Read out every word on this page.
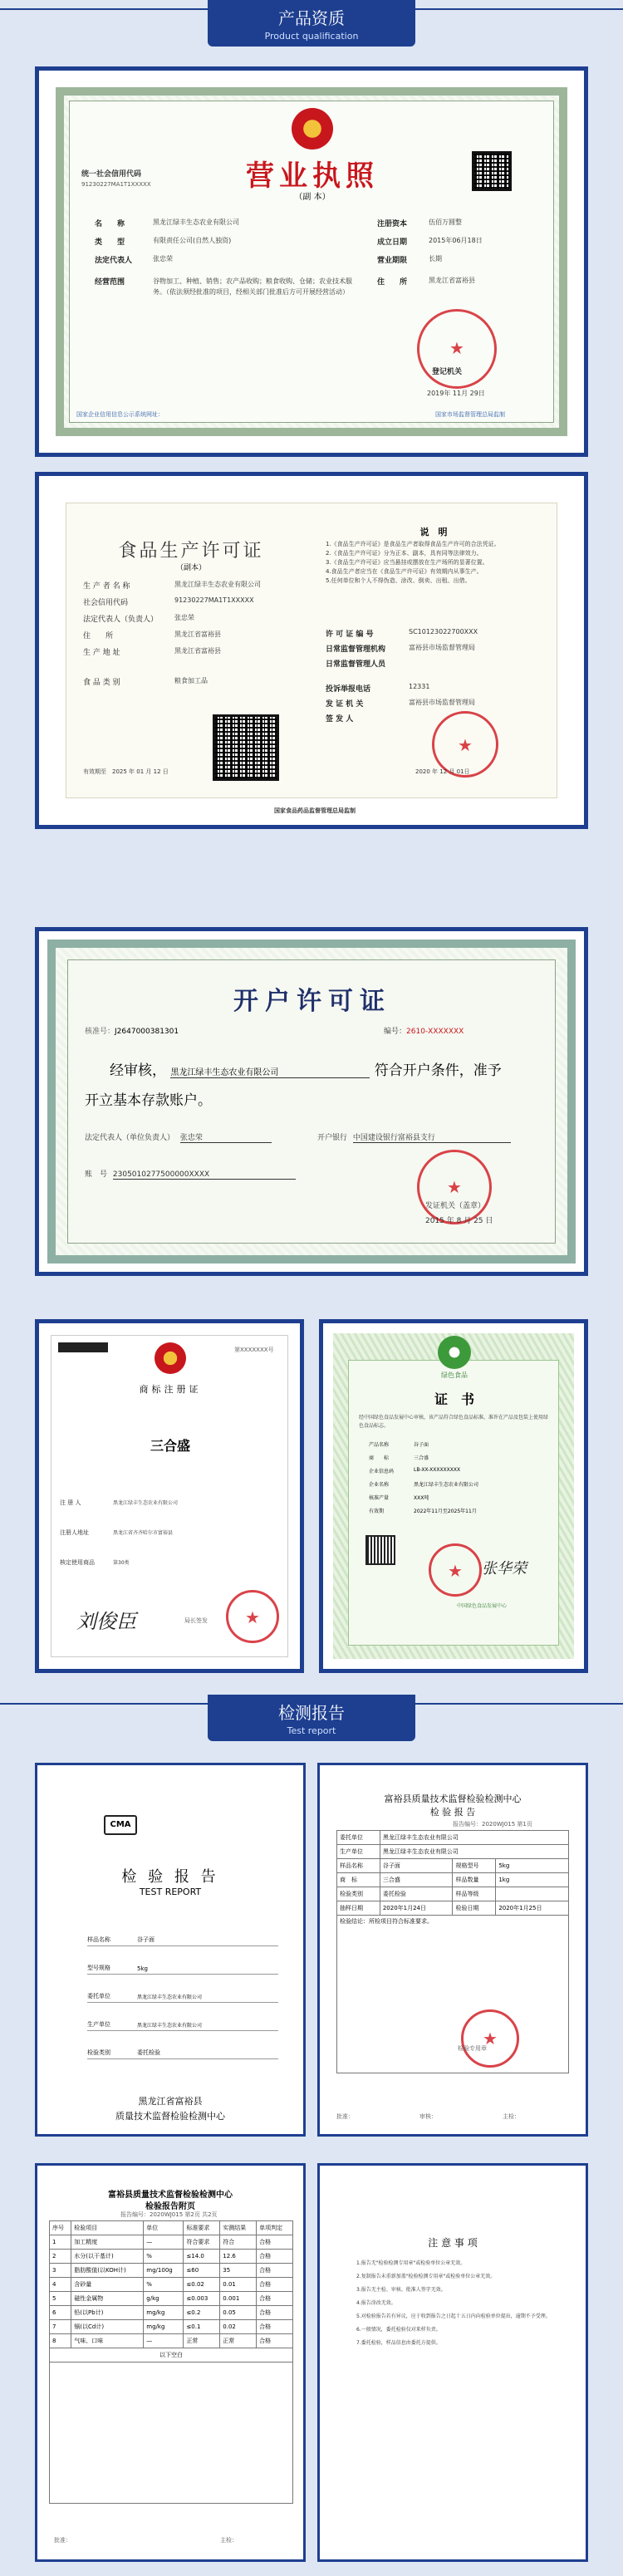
产品资质
Product qualification
营业执照
（副 本）
统一社会信用代码
91230227MA1T1XXXXX
名　　称	黑龙江绿丰生态农业有限公司
类　　型	有限责任公司(自然人独资)
法定代表人	张忠荣
经营范围	谷物加工、种植、销售；农产品收购；粮食收购、仓储；农业技术服务。（依法须经批准的项目，经相关部门批准后方可开展经营活动）
注册资本	伍佰万圆整
成立日期	2015年06月18日
营业期限	长期
住　　所	黑龙江省富裕县
登记机关
2019年 11月 29日
★
国家企业信用信息公示系统网址：	国家市场监督管理总局监制
食品生产许可证
（副本）
生 产 者 名 称	黑龙江绿丰生态农业有限公司
社会信用代码	91230227MA1T1XXXXX
法定代表人（负责人）	张忠荣
住　　所	黑龙江省富裕县
生 产 地 址	黑龙江省富裕县
食 品 类 别	粮食加工品
有效期至　2025 年 01 月 12 日
说　明
1.《食品生产许可证》是食品生产者取得食品生产许可的合法凭证。
2.《食品生产许可证》分为正本、副本，具有同等法律效力。
3.《食品生产许可证》应当悬挂或摆放在生产场所的显著位置。
4.食品生产者应当在《食品生产许可证》有效期内从事生产。
5.任何单位和个人不得伪造、涂改、倒卖、出租、出借。
许 可 证 编 号	SC10123022700XXX
日常监督管理机构	富裕县市场监督管理局
日常监督管理人员
投诉举报电话	12331
发 证 机 关	富裕县市场监督管理局
签 发 人
★
2020 年 12 月 01日
国家食品药品监督管理总局监制
开户许可证
核准号：J2647000381301	编号：2610-XXXXXXX
经审核， 黑龙江绿丰生态农业有限公司	符合开户条件，准予
开立基本存款账户。
法定代表人（单位负责人） 张忠荣	开户银行 中国建设银行富裕县支行
账　号 2305010277500000XXXX
★
发证机关（盖章）
2015 年 8 月 25 日
第XXXXXXX号
商标注册证
三合盛
注 册 人	黑龙江绿丰生态农业有限公司
注册人地址	黑龙江省齐齐哈尔市富裕县
核定使用商品	第30类
刘俊臣	局长签发	★
绿色食品
证　书
经中国绿色食品发展中心审核，该产品符合绿色食品标准，准许在产品及包装上使用绿色食品标志。
产品名称	谷子面
商　　标	三合盛
企业信息码	LB-XX-XXXXXXXXX
企业名称	黑龙江绿丰生态农业有限公司
核准产量	XXX吨
有效期	2022年11月至2025年11月
★	张华荣
中国绿色食品发展中心
检测报告
Test report
CMA
检 验 报 告
TEST REPORT
样品名称	谷子面
型号规格	5kg
委托单位	黑龙江绿丰生态农业有限公司
生产单位	黑龙江绿丰生态农业有限公司
检验类别	委托检验
黑龙江省富裕县
质量技术监督检验检测中心
富裕县质量技术监督检验检测中心
检 验 报 告
报告编号：2020WJ015 第1页
委托单位	黑龙江绿丰生态农业有限公司		
生产单位	黑龙江绿丰生态农业有限公司		
样品名称	谷子面	规格型号	5kg
商　标	三合盛	样品数量	1kg
检验类别	委托检验	样品等级	
抽样日期	2020年1月24日	检验日期	2020年1月25日
检验结论：所检项目符合标准要求。			
★
检验专用章
批准：	审核：	主检：
富裕县质量技术监督检验检测中心
检验报告附页
报告编号：2020WJ015 第2页 共2页
序号	检验项目	单位	标准要求	实测结果	单项判定
1	加工精度	—	符合要求	符合	合格
2	水分(以干基计)	%	≤14.0	12.6	合格
3	脂肪酸值(以KOH计)	mg/100g	≤60	35	合格
4	含砂量	%	≤0.02	0.01	合格
5	磁性金属物	g/kg	≤0.003	0.001	合格
6	铅(以Pb计)	mg/kg	≤0.2	0.05	合格
7	镉(以Cd计)	mg/kg	≤0.1	0.02	合格
8	气味、口味	—	正常	正常	合格
以下空白					

批准：	主检：
注 意 事 项
1.报告无"检验检测专用章"或检验单位公章无效。
2.复制报告未重新加盖"检验检测专用章"或检验单位公章无效。
3.报告无主检、审核、批准人签字无效。
4.报告涂改无效。
5.对检验报告若有异议，应于收到报告之日起十五日内向检验单位提出，逾期不予受理。
6.一般情况，委托检验仅对来样负责。
7.委托检验，样品信息由委托方提供。
